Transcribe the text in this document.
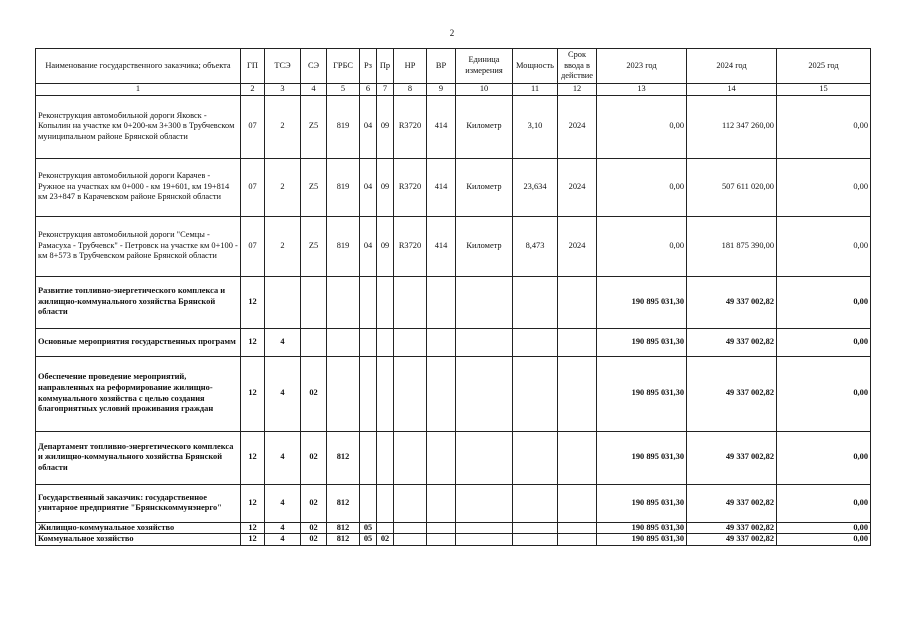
2
Наименование государственного заказчика; объекта	ГП	ТСЭ	СЭ	ГРБС	Рз	Пр	НР	ВР	Единица измерения	Мощность	Срок ввода в действие	2023 год	2024 год	2025 год
1	2	3	4	5	6	7	8	9	10	11	12	13	14	15
Реконструкция автомобильной дороги Яковск - Копылин на участке км 0+200-км 3+300 в Трубчевском муниципальном районе Брянской области	07	2	Z5	819	04	09	R3720	414	Километр	3,10	2024	0,00	112 347 260,00	0,00
Реконструкция автомобильной дороги Карачев - Ружное на участках км 0+000 - км 19+601, км 19+814 км 23+847 в Карачевском районе Брянской области	07	2	Z5	819	04	09	R3720	414	Километр	23,634	2024	0,00	507 611 020,00	0,00
Реконструкция автомобильной дороги "Семцы - Рамасуха - Трубчевск" - Петровск на участке км 0+100 - км 8+573 в Трубчевском районе Брянской области	07	2	Z5	819	04	09	R3720	414	Километр	8,473	2024	0,00	181 875 390,00	0,00
Развитие топливно-энергетического комплекса и жилищно-коммунального хозяйства Брянской области	12											190 895 031,30	49 337 002,82	0,00
Основные мероприятия государственных программ	12	4										190 895 031,30	49 337 002,82	0,00
Обеспечение проведение мероприятий, направленных на реформирование жилищно-коммунального хозяйства с целью создания благоприятных условий проживания граждан	12	4	02									190 895 031,30	49 337 002,82	0,00
Департамент топливно-энергетического комплекса и жилищно-коммунального хозяйства Брянской области	12	4	02	812								190 895 031,30	49 337 002,82	0,00
Государственный заказчик: государственное унитарное предприятие "Брянсккоммунэнерго"	12	4	02	812								190 895 031,30	49 337 002,82	0,00
Жилищно-коммунальное хозяйство	12	4	02	812	05							190 895 031,30	49 337 002,82	0,00
Коммунальное хозяйство	12	4	02	812	05	02						190 895 031,30	49 337 002,82	0,00
